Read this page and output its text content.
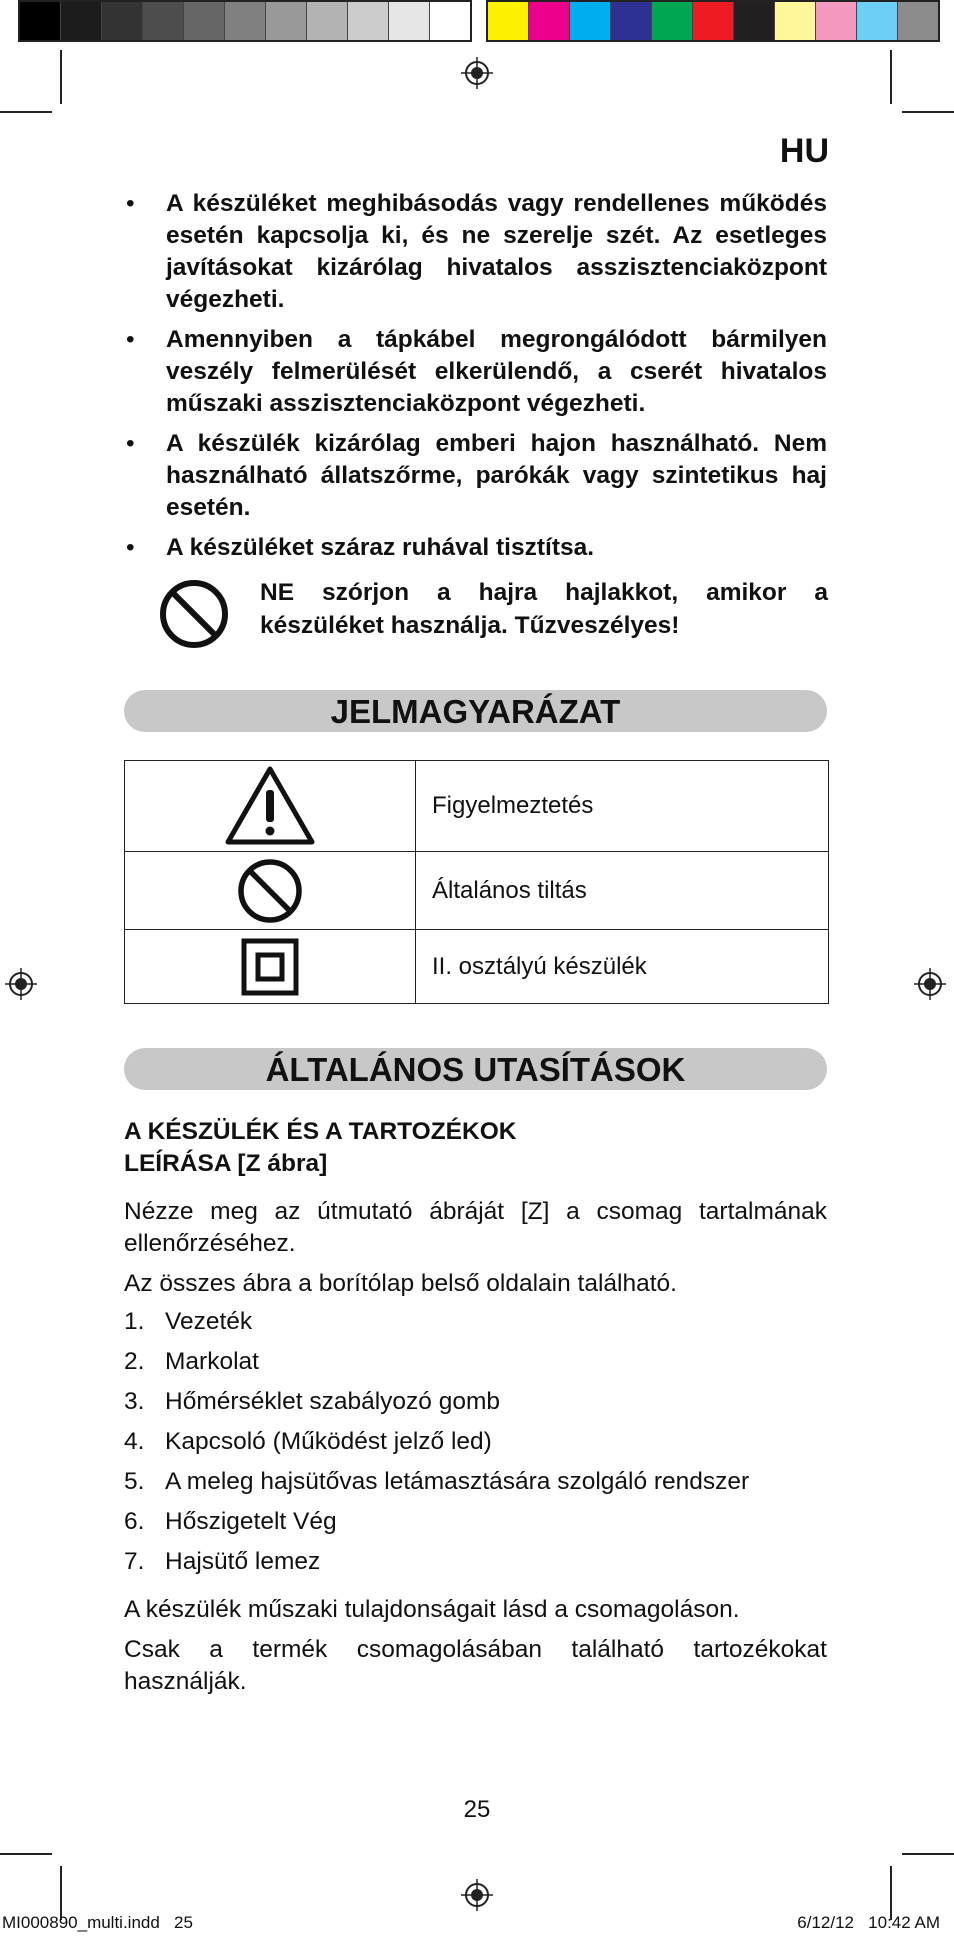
HU
• A készüléket meghibásodás vagy rendellenes működés esetén kapcsolja ki, és ne szerelje szét. Az esetleges javításokat kizárólag hivatalos asszisztenciaközpont végezheti.
• Amennyiben a tápkábel megrongálódott bármilyen veszély felmerülését elkerülendő, a cserét hivatalos műszaki asszisztenciaközpont végezheti.
• A készülék kizárólag emberi hajon használható. Nem használható állatszőrme, parókák vagy szintetikus haj esetén.
• A készüléket száraz ruhával tisztítsa.
NE szórjon a hajra hajlakkot, amikor a készüléket használja. Tűzveszélyes!
JELMAGYARÁZAT
	Figyelmeztetés

	Általános tiltás

	II. osztályú készülék
ÁLTALÁNOS UTASÍTÁSOK
A KÉSZÜLÉK ÉS A TARTOZÉKOK
LEÍRÁSA [Z ábra]
Nézze meg az útmutató ábráját [Z] a csomag tartalmának ellenőrzéséhez.
Az összes ábra a borítólap belső oldalain található.
1. Vezeték
2. Markolat
3. Hőmérséklet szabályozó gomb
4. Kapcsoló (Működést jelző led)
5. A meleg hajsütővas letámasztására szolgáló rendszer
6. Hőszigetelt Vég
7. Hajsütő lemez
A készülék műszaki tulajdonságait lásd a csomagoláson.
Csak a termék csomagolásában található tartozékokat használják.
25
MI000890_multi.indd   25	6/12/12   10:42 AM
